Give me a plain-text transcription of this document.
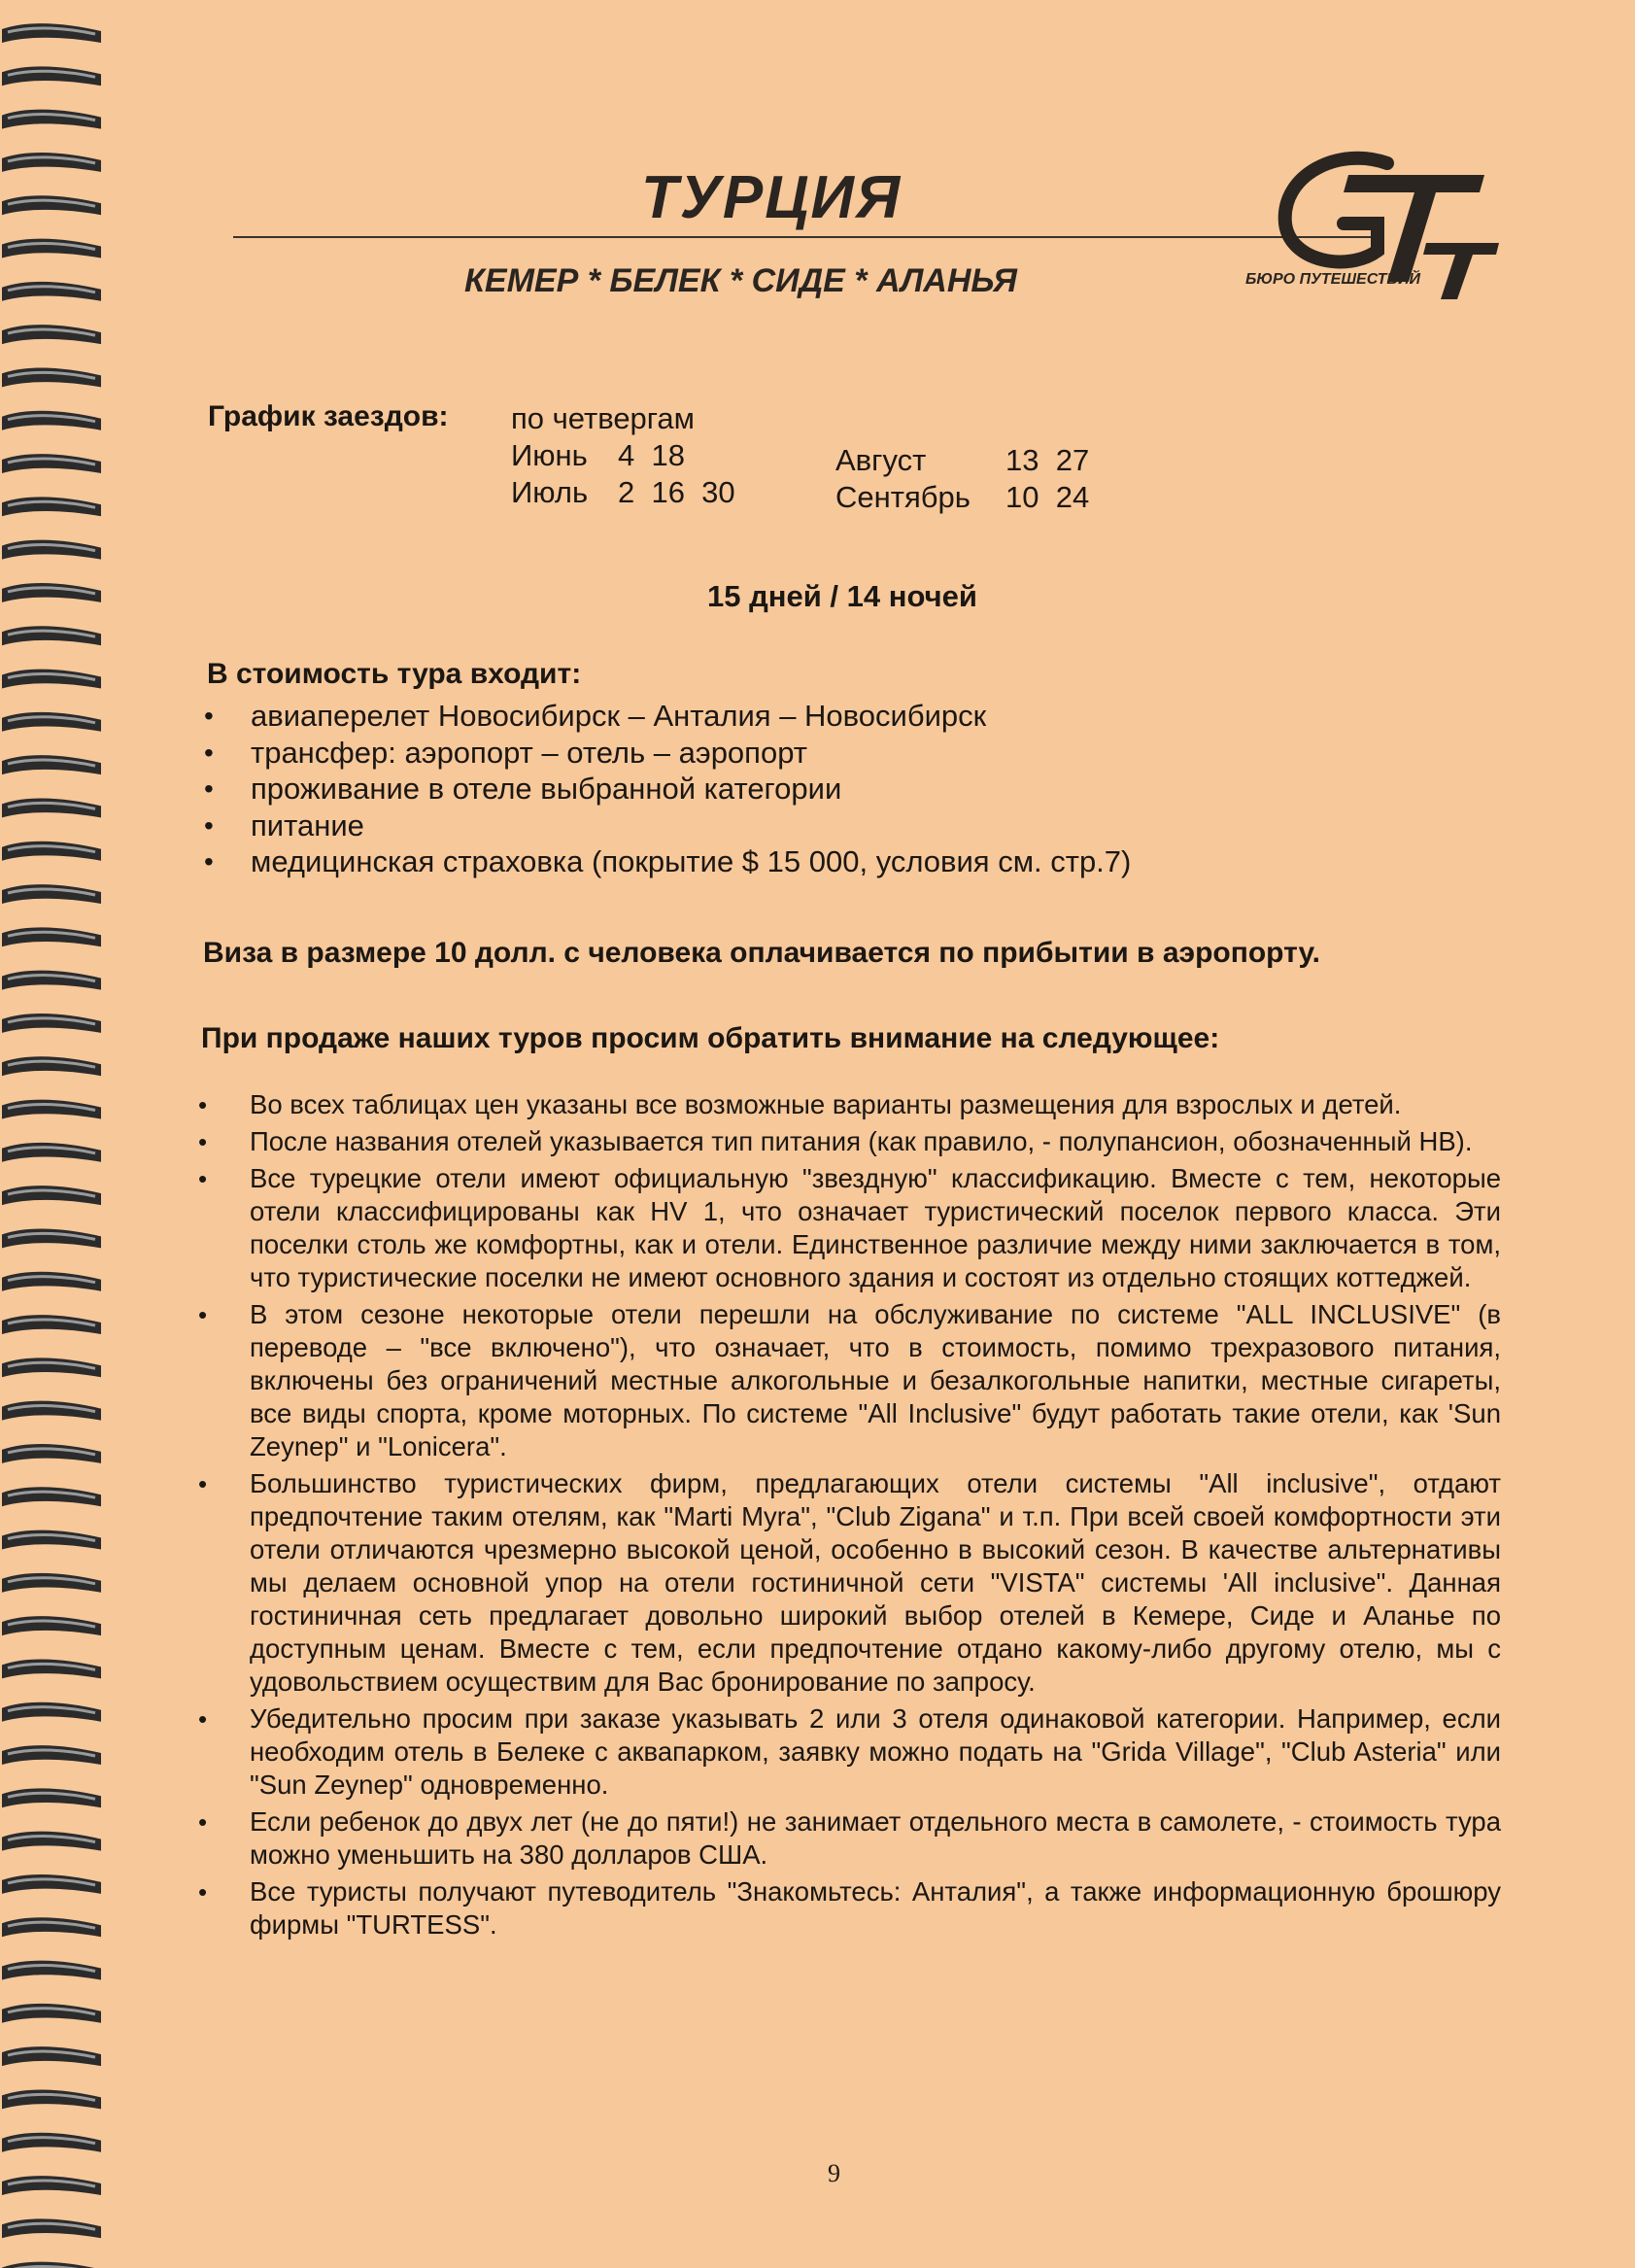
ТУРЦИЯ
КЕМЕР * БЕЛЕК * СИДЕ * АЛАНЬЯ	БЮРО ПУТЕШЕСТВИЙ
График заездов: по четвергам
Июнь 4  18
Июль 2  16  30
Август	13  27
Сентябрь 10  24
15 дней / 14 ночей
В стоимость тура входит:
• авиаперелет Новосибирск – Анталия – Новосибирск
• трансфер: аэропорт – отель – аэропорт
• проживание в отеле выбранной категории
• питание
• медицинская страховка (покрытие $ 15 000, условия см. стр.7)
Виза в размере 10 долл. с человека оплачивается по прибытии в аэропорту.
При продаже наших туров просим обратить внимание на следующее:
• Во всех таблицах цен указаны все возможные варианты размещения для взрослых и детей.
• После названия отелей указывается тип питания (как правило, - полупансион, обозначенный НВ).
• Все турецкие отели имеют официальную "звездную" классификацию. Вместе с тем, некоторые отели классифицированы как HV 1, что означает туристический поселок первого класса. Эти поселки столь же комфортны, как и отели. Единственное различие между ними заключается в том, что туристические поселки не имеют основного здания и состоят из отдельно стоящих коттеджей.
• В этом сезоне некоторые отели перешли на обслуживание по системе "ALL INCLUSIVE" (в переводе – "все включено"), что означает, что в стоимость, помимо трехразового питания, включены без ограничений местные алкогольные и безалкогольные напитки, местные сигареты, все виды спорта, кроме моторных. По системе "All Inclusive" будут работать такие отели, как 'Sun Zeynep" и "Lonicera".
• Большинство туристических фирм, предлагающих отели системы "All inclusive", отдают предпочтение таким отелям, как "Marti Myra", "Club Zigana" и т.п. При всей своей комфортности эти отели отличаются чрезмерно высокой ценой, особенно в высокий сезон. В качестве альтернативы мы делаем основной упор на отели гостиничной сети "VISTA" системы 'All inclusive". Данная гостиничная сеть предлагает довольно широкий выбор отелей в Кемере, Сиде и Аланье по доступным ценам. Вместе с тем, если предпочтение отдано какому-либо другому отелю, мы с удовольствием осуществим для Вас бронирование по запросу.
• Убедительно просим при заказе указывать 2 или 3 отеля одинаковой категории. Например, если необходим отель в Белеке с аквапарком, заявку можно подать на "Grida Village", "Club Asteria" или "Sun Zeynep" одновременно.
• Если ребенок до двух лет (не до пяти!) не занимает отдельного места в самолете, - стоимость тура можно уменьшить на 380 долларов США.
• Все туристы получают путеводитель "Знакомьтесь: Анталия", а также информационную брошюру фирмы "TURTESS".
9
